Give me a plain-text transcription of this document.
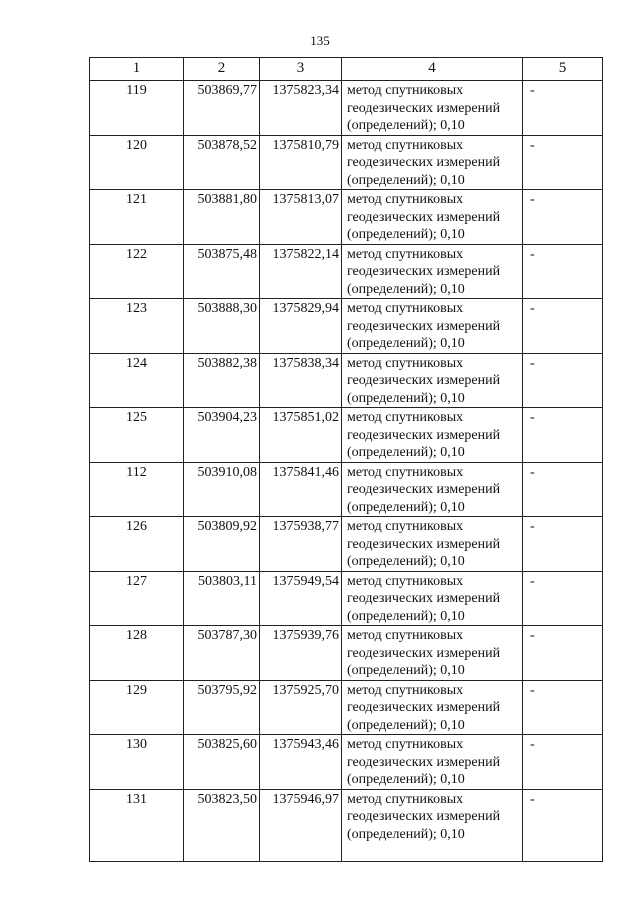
135
1	2	3	4	5
119	503869,77	1375823,34	метод спутниковых
геодезических измерений
(определений); 0,10	-
120	503878,52	1375810,79	метод спутниковых
геодезических измерений
(определений); 0,10	-
121	503881,80	1375813,07	метод спутниковых
геодезических измерений
(определений); 0,10	-
122	503875,48	1375822,14	метод спутниковых
геодезических измерений
(определений); 0,10	-
123	503888,30	1375829,94	метод спутниковых
геодезических измерений
(определений); 0,10	-
124	503882,38	1375838,34	метод спутниковых
геодезических измерений
(определений); 0,10	-
125	503904,23	1375851,02	метод спутниковых
геодезических измерений
(определений); 0,10	-
112	503910,08	1375841,46	метод спутниковых
геодезических измерений
(определений); 0,10	-
126	503809,92	1375938,77	метод спутниковых
геодезических измерений
(определений); 0,10	-
127	503803,11	1375949,54	метод спутниковых
геодезических измерений
(определений); 0,10	-
128	503787,30	1375939,76	метод спутниковых
геодезических измерений
(определений); 0,10	-
129	503795,92	1375925,70	метод спутниковых
геодезических измерений
(определений); 0,10	-
130	503825,60	1375943,46	метод спутниковых
геодезических измерений
(определений); 0,10	-
131	503823,50	1375946,97	метод спутниковых
геодезических измерений
(определений); 0,10	-
